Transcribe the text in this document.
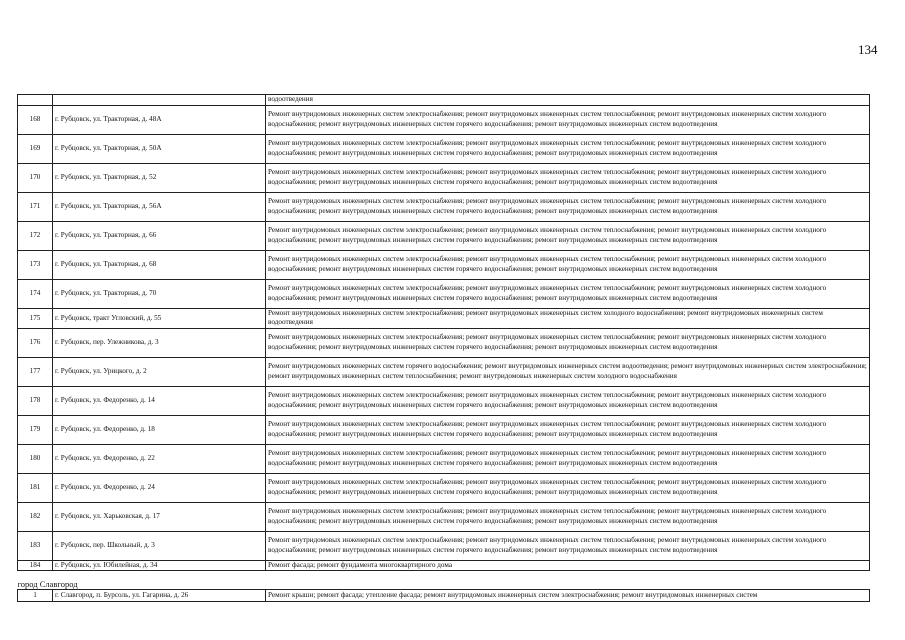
134
		водоотведения
168	г. Рубцовск, ул. Тракторная, д. 48А	Ремонт внутридомовых инженерных систем электроснабжения; ремонт внутридомовых инженерных систем теплоснабжения; ремонт внутридомовых инженерных систем холодного водоснабжения; ремонт внутридомовых инженерных систем горячего водоснабжения; ремонт внутридомовых инженерных систем водоотведения
169	г. Рубцовск, ул. Тракторная, д. 50А	Ремонт внутридомовых инженерных систем электроснабжения; ремонт внутридомовых инженерных систем теплоснабжения; ремонт внутридомовых инженерных систем холодного водоснабжения; ремонт внутридомовых инженерных систем горячего водоснабжения; ремонт внутридомовых инженерных систем водоотведения
170	г. Рубцовск, ул. Тракторная, д. 52	Ремонт внутридомовых инженерных систем электроснабжения; ремонт внутридомовых инженерных систем теплоснабжения; ремонт внутридомовых инженерных систем холодного водоснабжения; ремонт внутридомовых инженерных систем горячего водоснабжения; ремонт внутридомовых инженерных систем водоотведения
171	г. Рубцовск, ул. Тракторная, д. 56А	Ремонт внутридомовых инженерных систем электроснабжения; ремонт внутридомовых инженерных систем теплоснабжения; ремонт внутридомовых инженерных систем холодного водоснабжения; ремонт внутридомовых инженерных систем горячего водоснабжения; ремонт внутридомовых инженерных систем водоотведения
172	г. Рубцовск, ул. Тракторная, д. 66	Ремонт внутридомовых инженерных систем электроснабжения; ремонт внутридомовых инженерных систем теплоснабжения; ремонт внутридомовых инженерных систем холодного водоснабжения; ремонт внутридомовых инженерных систем горячего водоснабжения; ремонт внутридомовых инженерных систем водоотведения
173	г. Рубцовск, ул. Тракторная, д. 68	Ремонт внутридомовых инженерных систем электроснабжения; ремонт внутридомовых инженерных систем теплоснабжения; ремонт внутридомовых инженерных систем холодного водоснабжения; ремонт внутридомовых инженерных систем горячего водоснабжения; ремонт внутридомовых инженерных систем водоотведения
174	г. Рубцовск, ул. Тракторная, д. 70	Ремонт внутридомовых инженерных систем электроснабжения; ремонт внутридомовых инженерных систем теплоснабжения; ремонт внутридомовых инженерных систем холодного водоснабжения; ремонт внутридомовых инженерных систем горячего водоснабжения; ремонт внутридомовых инженерных систем водоотведения
175	г. Рубцовск, тракт Угловский, д. 55	Ремонт внутридомовых инженерных систем электроснабжения; ремонт внутридомовых инженерных систем холодного водоснабжения; ремонт внутридомовых инженерных систем водоотведения
176	г. Рубцовск, пер. Улежникова, д. 3	Ремонт внутридомовых инженерных систем электроснабжения; ремонт внутридомовых инженерных систем теплоснабжения; ремонт внутридомовых инженерных систем холодного водоснабжения; ремонт внутридомовых инженерных систем горячего водоснабжения; ремонт внутридомовых инженерных систем водоотведения
177	г. Рубцовск, ул. Урицкого, д. 2	Ремонт внутридомовых инженерных систем горячего водоснабжения; ремонт внутридомовых инженерных систем водоотведения; ремонт внутридомовых инженерных систем электроснабжения; ремонт внутридомовых инженерных систем теплоснабжения; ремонт внутридомовых инженерных систем холодного водоснабжения
178	г. Рубцовск, ул. Федоренко, д. 14	Ремонт внутридомовых инженерных систем электроснабжения; ремонт внутридомовых инженерных систем теплоснабжения; ремонт внутридомовых инженерных систем холодного водоснабжения; ремонт внутридомовых инженерных систем горячего водоснабжения; ремонт внутридомовых инженерных систем водоотведения
179	г. Рубцовск, ул. Федоренко, д. 18	Ремонт внутридомовых инженерных систем электроснабжения; ремонт внутридомовых инженерных систем теплоснабжения; ремонт внутридомовых инженерных систем холодного водоснабжения; ремонт внутридомовых инженерных систем горячего водоснабжения; ремонт внутридомовых инженерных систем водоотведения
180	г. Рубцовск, ул. Федоренко, д. 22	Ремонт внутридомовых инженерных систем электроснабжения; ремонт внутридомовых инженерных систем теплоснабжения; ремонт внутридомовых инженерных систем холодного водоснабжения; ремонт внутридомовых инженерных систем горячего водоснабжения; ремонт внутридомовых инженерных систем водоотведения
181	г. Рубцовск, ул. Федоренко, д. 24	Ремонт внутридомовых инженерных систем электроснабжения; ремонт внутридомовых инженерных систем теплоснабжения; ремонт внутридомовых инженерных систем холодного водоснабжения; ремонт внутридомовых инженерных систем горячего водоснабжения; ремонт внутридомовых инженерных систем водоотведения
182	г. Рубцовск, ул. Харьковская, д. 17	Ремонт внутридомовых инженерных систем электроснабжения; ремонт внутридомовых инженерных систем теплоснабжения; ремонт внутридомовых инженерных систем холодного водоснабжения; ремонт внутридомовых инженерных систем горячего водоснабжения; ремонт внутридомовых инженерных систем водоотведения
183	г. Рубцовск, пер. Школьный, д. 3	Ремонт внутридомовых инженерных систем электроснабжения; ремонт внутридомовых инженерных систем теплоснабжения; ремонт внутридомовых инженерных систем холодного водоснабжения; ремонт внутридомовых инженерных систем горячего водоснабжения; ремонт внутридомовых инженерных систем водоотведения
184	г. Рубцовск, ул. Юбилейная, д. 34	Ремонт фасада; ремонт фундамента многоквартирного дома
город Славгород		
1	г. Славгород, п. Бурсоль, ул. Гагарина, д. 26	Ремонт крыши; ремонт фасада; утепление фасада; ремонт внутридомовых инженерных систем электроснабжения; ремонт внутридомовых инженерных систем
